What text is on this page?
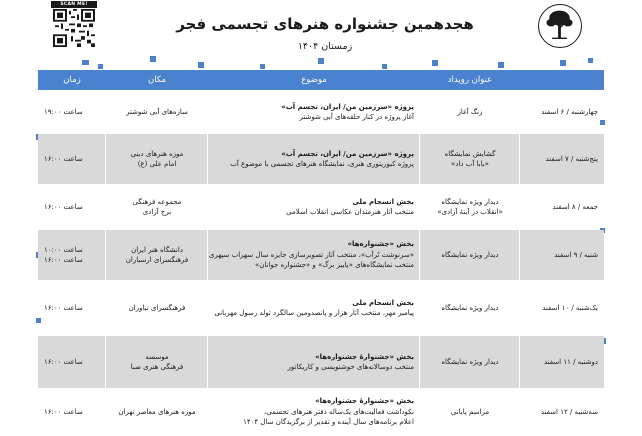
SCAN ME!
هجدهمین جشنواره هنرهای تجسمی فجر
زمستان ۱۴۰۴
عنوان رویداد
موضوع
مکان
زمان
چهارشنبه / ۶ اسفند
زنگ آغاز
پروژه «سرزمین من/ ایران، تجسم آب»
آغاز پروژه در کنار حلقه‌های آبی شوشتر
سازه‌های آبی شوشتر
ساعت ۱۹:۰۰
پنج‌شنبه / ۷ اسفند
گشایش نمایشگاه
«بابا آب داد»
پروژه «سرزمین من/ ایران، تجسم آب»
پروژه کیوریتوری هنری، نمایشگاه هنرهای تجسمی با موضوع آب
موزه هنرهای دینی
امام علی (ع)
ساعت ۱۶:۰۰
جمعه / ۸ اسفند
دیدار ویژه نمایشگاه
«انقلاب در آینهٔ آزادی»
بخش انسجام ملی
منتخب آثار هنرمندان عکاسی انقلاب اسلامی
مجموعه فرهنگی
برج آزادی
ساعت ۱۶:۰۰
شنبه / ۹ اسفند
دیدار ویژه نمایشگاه
بخش «جشنواره‌ها»
«سرنوشت تُرآب»، منتخب آثار تصویرسازی جایزه سال سهراب سپهری
منتخب نمایشگاه‌های «پاییز برگ» و «جشنواره جوانان»
دانشگاه هنر ایران
فرهنگسرای ارسباران
ساعت ۱۰:۰۰
ساعت ۱۶:۰۰
یک‌شنبه / ۱۰ اسفند
دیدار ویژه نمایشگاه
بخش انسجام ملی
پیامبر مهر، منتخب آثار هزار و پانصدومین سالگرد تولد رسول مهربانی
فرهنگسرای نیاوران
ساعت ۱۶:۰۰
دوشنبه / ۱۱ اسفند
دیدار ویژه نمایشگاه
بخش «جشنوارهٔ جشنواره‌ها»
منتخب دوسالانه‌های خوشنویسی و کاریکاتور
موسسه
فرهنگی هنری صبا
ساعت ۱۶:۰۰
سه‌شنبه / ۱۲ اسفند
مراسم پایانی
بخش «جشنوارهٔ جشنواره‌ها»
نکوداشت فعالیت‌های یک‌ساله دفتر هنرهای تجسمی،
اعلام برنامه‌های سال آینده و تقدیر از برگزیدگان سال ۱۴۰۴
موزه هنرهای معاصر تهران
ساعت ۱۶:۰۰
